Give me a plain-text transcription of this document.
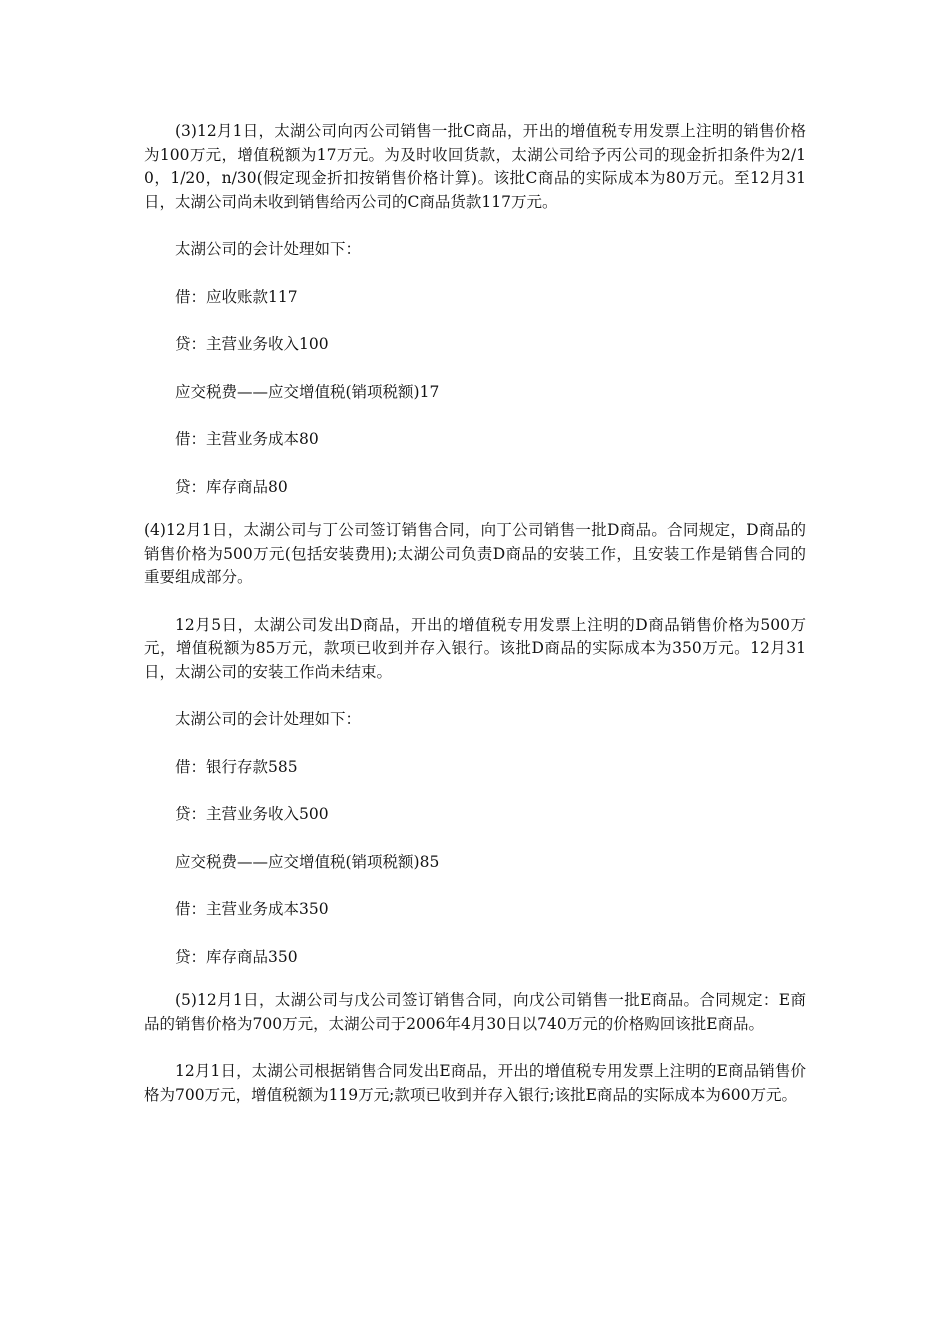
(3)12月1日，太湖公司向丙公司销售一批C商品，开出的增值税专用发票上注明的销售价格为100万元，增值税额为17万元。为及时收回货款，太湖公司给予丙公司的现金折扣条件为2/10，1/20，n/30(假定现金折扣按销售价格计算)。该批C商品的实际成本为80万元。至12月31日，太湖公司尚未收到销售给丙公司的C商品货款117万元。

太湖公司的会计处理如下：

借：应收账款117

贷：主营业务收入100

应交税费——应交增值税(销项税额)17

借：主营业务成本80

贷：库存商品80

(4)12月1日，太湖公司与丁公司签订销售合同，向丁公司销售一批D商品。合同规定，D商品的销售价格为500万元(包括安装费用);太湖公司负责D商品的安装工作，且安装工作是销售合同的重要组成部分。

12月5日，太湖公司发出D商品，开出的增值税专用发票上注明的D商品销售价格为500万元，增值税额为85万元，款项已收到并存入银行。该批D商品的实际成本为350万元。12月31日，太湖公司的安装工作尚未结束。

太湖公司的会计处理如下：

借：银行存款585

贷：主营业务收入500

应交税费——应交增值税(销项税额)85

借：主营业务成本350

贷：库存商品350

(5)12月1日，太湖公司与戊公司签订销售合同，向戊公司销售一批E商品。合同规定：E商品的销售价格为700万元，太湖公司于2006年4月30日以740万元的价格购回该批E商品。

12月1日，太湖公司根据销售合同发出E商品，开出的增值税专用发票上注明的E商品销售价格为700万元，增值税额为119万元;款项已收到并存入银行;该批E商品的实际成本为600万元。
